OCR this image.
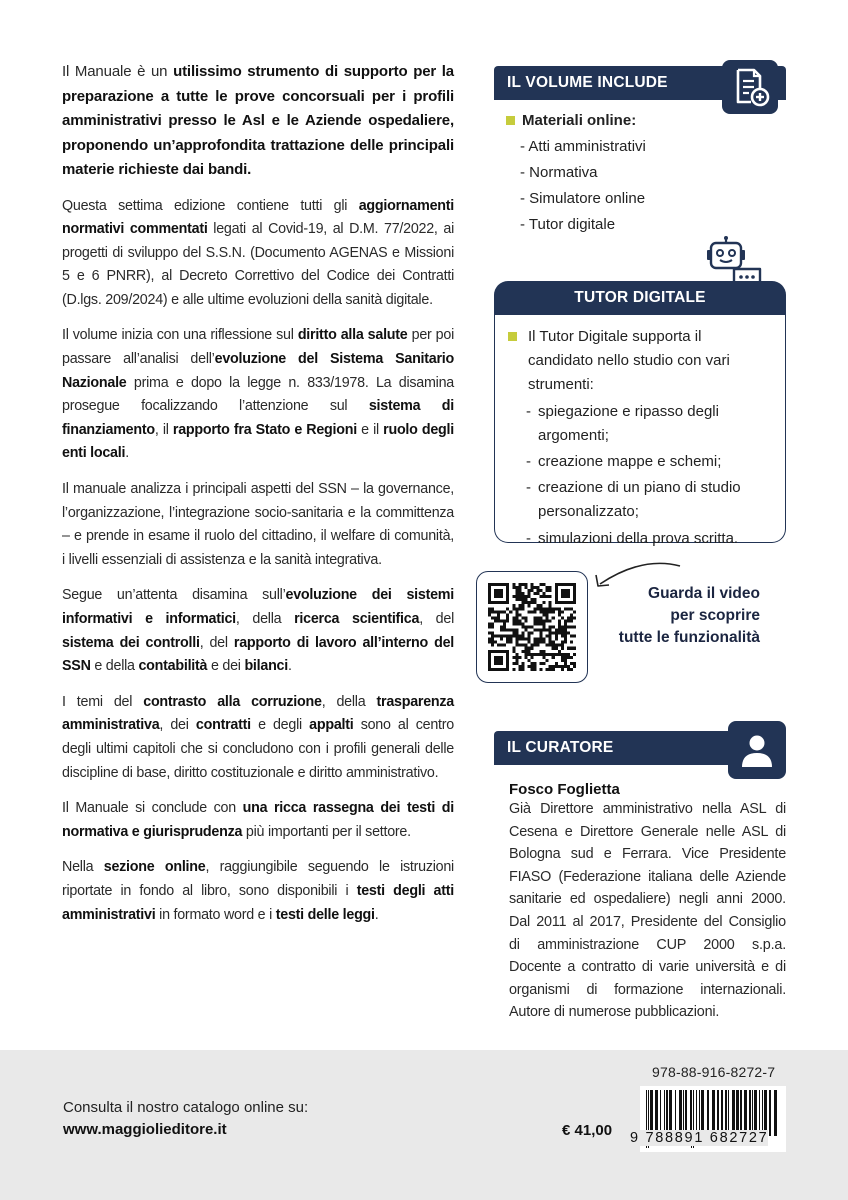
Il Manuale è un utilissimo strumento di supporto per la preparazione a tutte le prove concorsuali per i profili amministrativi presso le Asl e le Aziende ospedaliere, proponendo un’approfondita trattazione delle principali materie richieste dai bandi.

Questa settima edizione contiene tutti gli aggiornamenti normativi commentati legati al Covid-19, al D.M. 77/2022, ai progetti di sviluppo del S.S.N. (Documento AGENAS e Missioni 5 e 6 PNRR), al Decreto Correttivo del Codice dei Contratti (D.lgs. 209/2024) e alle ultime evoluzioni della sanità digitale.

Il volume inizia con una riflessione sul diritto alla salute per poi passare all’analisi dell’evoluzione del Sistema Sanitario Nazionale prima e dopo la legge n. 833/1978. La disamina prosegue focalizzando l’attenzione sul sistema di finanziamento, il rapporto fra Stato e Regioni e il ruolo degli enti locali.

Il manuale analizza i principali aspetti del SSN – la governance, l’organizzazione, l’integrazione socio-sanitaria e la committenza – e prende in esame il ruolo del cittadino, il welfare di comunità, i livelli essenziali di assistenza e la sanità integrativa.

Segue un’attenta disamina sull’evoluzione dei sistemi informativi e informatici, della ricerca scientifica, del sistema dei controlli, del rapporto di lavoro all’interno del SSN e della contabilità e dei bilanci.

I temi del contrasto alla corruzione, della trasparenza amministrativa, dei contratti e degli appalti sono al centro degli ultimi capitoli che si concludono con i profili generali delle discipline di base, diritto costituzionale e diritto amministrativo.

Il Manuale si conclude con una ricca rassegna dei testi di normativa e giurisprudenza più importanti per il settore.

Nella sezione online, raggiungibile seguendo le istruzioni riportate in fondo al libro, sono disponibili i testi degli atti amministrativi in formato word e i testi delle leggi.

IL VOLUME INCLUDE
Materiali online:
- Atti amministrativi
- Normativa
- Simulatore online
- Tutor digitale
TUTOR DIGITALE
Il Tutor Digitale supporta il candidato nello studio con vari strumenti:
- spiegazione e ripasso degli argomenti;
- creazione mappe e schemi;
- creazione di un piano di studio personalizzato;
- simulazioni della prova scritta.
Guarda il video
per scoprire
tutte le funzionalità
IL CURATORE
Fosco Foglietta
Già Direttore amministrativo nella ASL di Cesena e Direttore Generale nelle ASL di Bologna sud e Ferrara. Vice Presidente FIASO (Federazione italiana delle Aziende sanitarie ed ospedaliere) negli anni 2000. Dal 2011 al 2017, Presidente del Consiglio di amministrazione CUP 2000 s.p.a. Docente a contratto di varie università e di organismi di formazione internazionali. Autore di numerose pubblicazioni.
Consulta il nostro catalogo online su:
www.maggiolieditore.it	€ 41,00
978-88-916-8272-7
9 788891 682727
